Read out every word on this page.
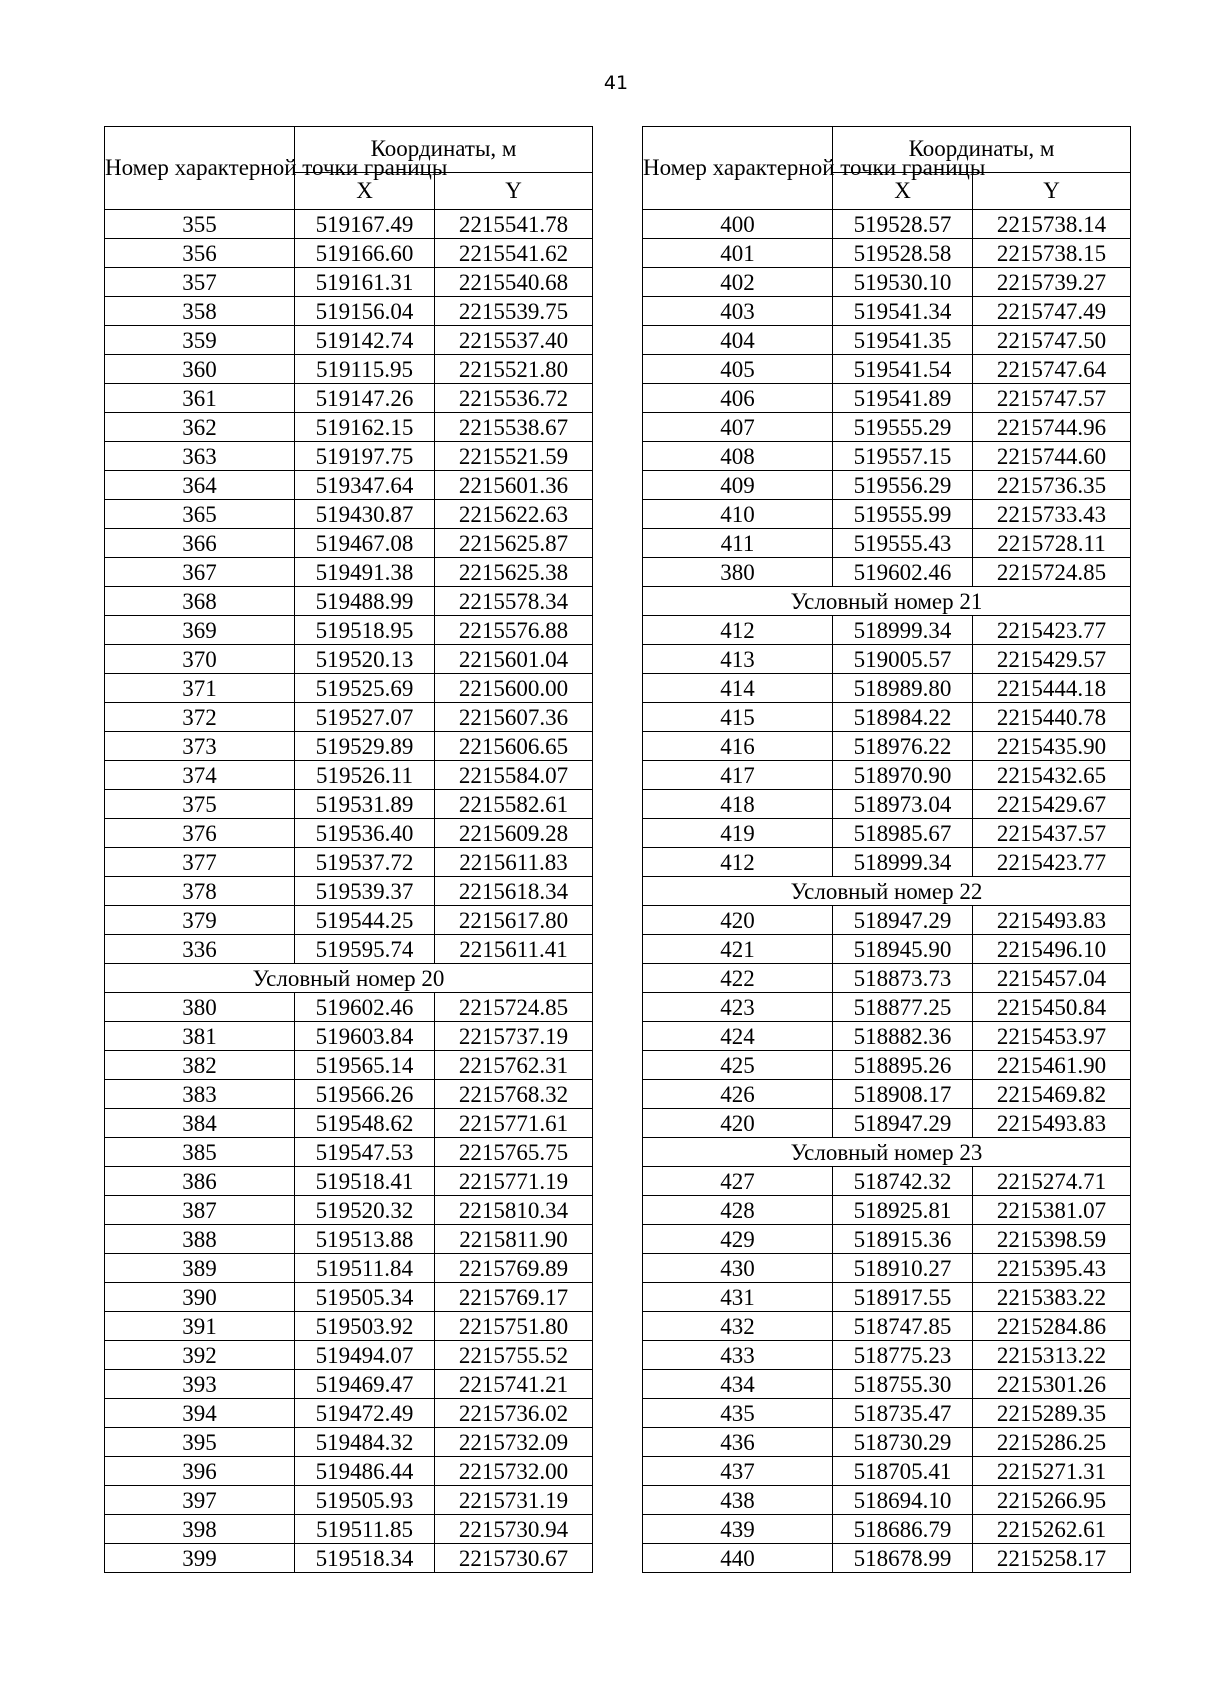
41
Номер характерной точки границы	Координаты, м	
	X	Y
355	519167.49	2215541.78
356	519166.60	2215541.62
357	519161.31	2215540.68
358	519156.04	2215539.75
359	519142.74	2215537.40
360	519115.95	2215521.80
361	519147.26	2215536.72
362	519162.15	2215538.67
363	519197.75	2215521.59
364	519347.64	2215601.36
365	519430.87	2215622.63
366	519467.08	2215625.87
367	519491.38	2215625.38
368	519488.99	2215578.34
369	519518.95	2215576.88
370	519520.13	2215601.04
371	519525.69	2215600.00
372	519527.07	2215607.36
373	519529.89	2215606.65
374	519526.11	2215584.07
375	519531.89	2215582.61
376	519536.40	2215609.28
377	519537.72	2215611.83
378	519539.37	2215618.34
379	519544.25	2215617.80
336	519595.74	2215611.41
Условный номер 20		
380	519602.46	2215724.85
381	519603.84	2215737.19
382	519565.14	2215762.31
383	519566.26	2215768.32
384	519548.62	2215771.61
385	519547.53	2215765.75
386	519518.41	2215771.19
387	519520.32	2215810.34
388	519513.88	2215811.90
389	519511.84	2215769.89
390	519505.34	2215769.17
391	519503.92	2215751.80
392	519494.07	2215755.52
393	519469.47	2215741.21
394	519472.49	2215736.02
395	519484.32	2215732.09
396	519486.44	2215732.00
397	519505.93	2215731.19
398	519511.85	2215730.94
399	519518.34	2215730.67
Номер характерной точки границы	Координаты, м	
	X	Y
400	519528.57	2215738.14
401	519528.58	2215738.15
402	519530.10	2215739.27
403	519541.34	2215747.49
404	519541.35	2215747.50
405	519541.54	2215747.64
406	519541.89	2215747.57
407	519555.29	2215744.96
408	519557.15	2215744.60
409	519556.29	2215736.35
410	519555.99	2215733.43
411	519555.43	2215728.11
380	519602.46	2215724.85
Условный номер 21		
412	518999.34	2215423.77
413	519005.57	2215429.57
414	518989.80	2215444.18
415	518984.22	2215440.78
416	518976.22	2215435.90
417	518970.90	2215432.65
418	518973.04	2215429.67
419	518985.67	2215437.57
412	518999.34	2215423.77
Условный номер 22		
420	518947.29	2215493.83
421	518945.90	2215496.10
422	518873.73	2215457.04
423	518877.25	2215450.84
424	518882.36	2215453.97
425	518895.26	2215461.90
426	518908.17	2215469.82
420	518947.29	2215493.83
Условный номер 23		
427	518742.32	2215274.71
428	518925.81	2215381.07
429	518915.36	2215398.59
430	518910.27	2215395.43
431	518917.55	2215383.22
432	518747.85	2215284.86
433	518775.23	2215313.22
434	518755.30	2215301.26
435	518735.47	2215289.35
436	518730.29	2215286.25
437	518705.41	2215271.31
438	518694.10	2215266.95
439	518686.79	2215262.61
440	518678.99	2215258.17
